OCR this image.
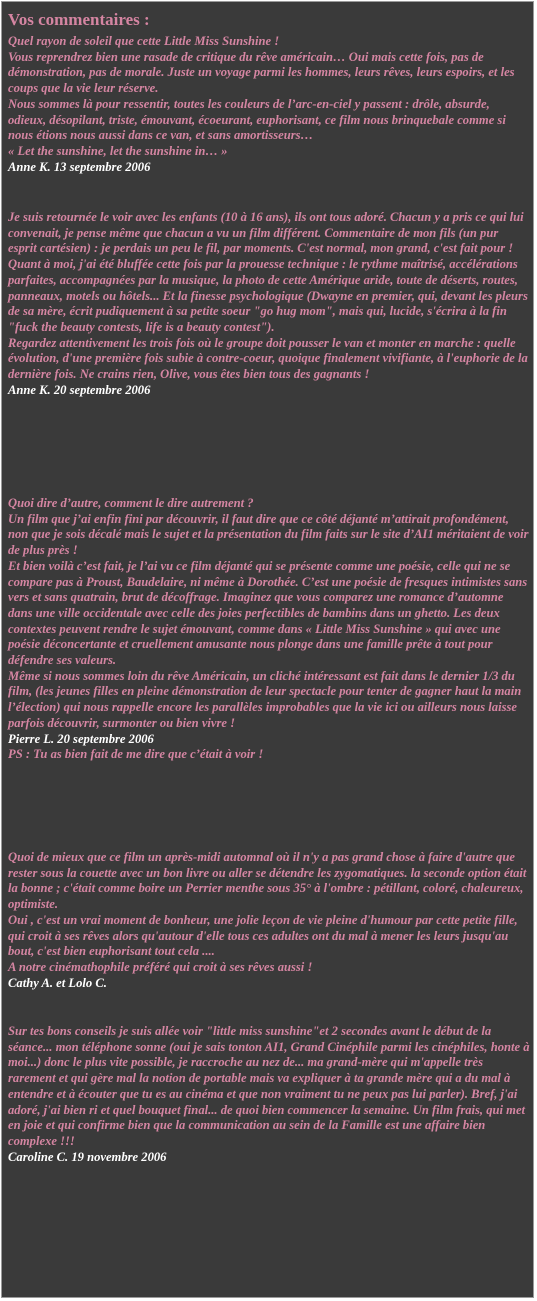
Vos commentaires :

Quel rayon de soleil que cette Little Miss Sunshine !

Vous reprendrez bien une rasade de critique du rêve américain… Oui mais cette fois, pas de démonstration, pas de morale. Juste un voyage parmi les hommes, leurs rêves, leurs espoirs, et les coups que la vie leur réserve.

Nous sommes là pour ressentir, toutes les couleurs de l’arc-en-ciel y passent : drôle, absurde, odieux, désopilant, triste, émouvant, écoeurant, euphorisant, ce film nous brinquebale comme si nous étions nous aussi dans ce van, et sans amortisseurs…

« Let the sunshine, let the sunshine in… »

Anne K. 13 septembre 2006

Je suis retournée le voir avec les enfants (10 à 16 ans), ils ont tous adoré. Chacun y a pris ce qui lui convenait, je pense même que chacun a vu un film différent. Commentaire de mon fils (un pur esprit cartésien) : je perdais un peu le fil, par moments. C'est normal, mon grand, c'est fait pour !

Quant à moi, j'ai été bluffée cette fois par la prouesse technique : le rythme maîtrisé, accélérations parfaites, accompagnées par la musique, la photo de cette Amérique aride, toute de déserts, routes, panneaux, motels ou hôtels... Et la finesse psychologique (Dwayne en premier, qui, devant les pleurs de sa mère, écrit pudiquement à sa petite soeur "go hug mom", mais qui, lucide, s'écrira à la fin "fuck the beauty contests, life is a beauty contest").

Regardez attentivement les trois fois où le groupe doit pousser le van et monter en marche : quelle évolution, d'une première fois subie à contre-coeur, quoique finalement vivifiante, à l'euphorie de la dernière fois. Ne crains rien, Olive, vous êtes bien tous des gagnants !

Anne K. 20 septembre 2006

Quoi dire d’autre, comment le dire autrement ?

Un film que j’ai enfin fini par découvrir, il faut dire que ce côté déjanté m’attirait profondément, non que je sois décalé mais le sujet et la présentation du film faits sur le site d’AI1 méritaient de voir de plus près !

Et bien voilà c’est fait, je l’ai vu ce film déjanté qui se présente comme une poésie, celle qui ne se compare pas à Proust, Baudelaire, ni même à Dorothée. C’est une poésie de fresques intimistes sans vers et sans quatrain, brut de décoffrage. Imaginez que vous comparez une romance d’automne dans une ville occidentale avec celle des joies perfectibles de bambins dans un ghetto. Les deux contextes peuvent rendre le sujet émouvant, comme dans « Little Miss Sunshine » qui avec une poésie déconcertante et cruellement amusante nous plonge dans une famille prête à tout pour défendre ses valeurs.

Même si nous sommes loin du rêve Américain, un cliché intéressant est fait dans le dernier 1/3 du film, (les jeunes filles en pleine démonstration de leur spectacle pour tenter de gagner haut la main l’élection) qui nous rappelle encore les parallèles improbables que la vie ici ou ailleurs nous laisse parfois découvrir, surmonter ou bien vivre !

Pierre L. 20 septembre 2006

PS : Tu as bien fait de me dire que c’était à voir !

Quoi de mieux que ce film un après-midi automnal où il n'y a pas grand chose à faire d'autre que rester sous la couette avec un bon livre ou aller se détendre les zygomatiques. la seconde option était la bonne ; c'était comme boire un Perrier menthe sous 35° à l'ombre : pétillant, coloré, chaleureux, optimiste.

Oui , c'est un vrai moment de bonheur, une jolie leçon de vie pleine d'humour par cette petite fille, qui croit à ses rêves alors qu'autour d'elle tous ces adultes ont du mal à mener les leurs jusqu'au bout, c'est bien euphorisant tout cela ....

A notre cinémathophile préféré qui croit à ses rêves aussi !

Cathy A. et Lolo C.

Sur tes bons conseils je suis allée voir "little miss sunshine"et 2 secondes avant le début de la séance... mon téléphone sonne (oui je sais tonton AI1, Grand Cinéphile parmi les cinéphiles, honte à moi...) donc le plus vite possible, je raccroche au nez de... ma grand-mère qui m'appelle très rarement et qui gère mal la notion de portable mais va expliquer à ta grande mère qui a du mal à entendre et à écouter que tu es au cinéma et que non vraiment tu ne peux pas lui parler). Bref, j'ai adoré, j'ai bien ri et quel bouquet final... de quoi bien commencer la semaine. Un film frais, qui met en joie et qui confirme bien que la communication au sein de la Famille est une affaire bien complexe !!!

Caroline C. 19 novembre 2006
